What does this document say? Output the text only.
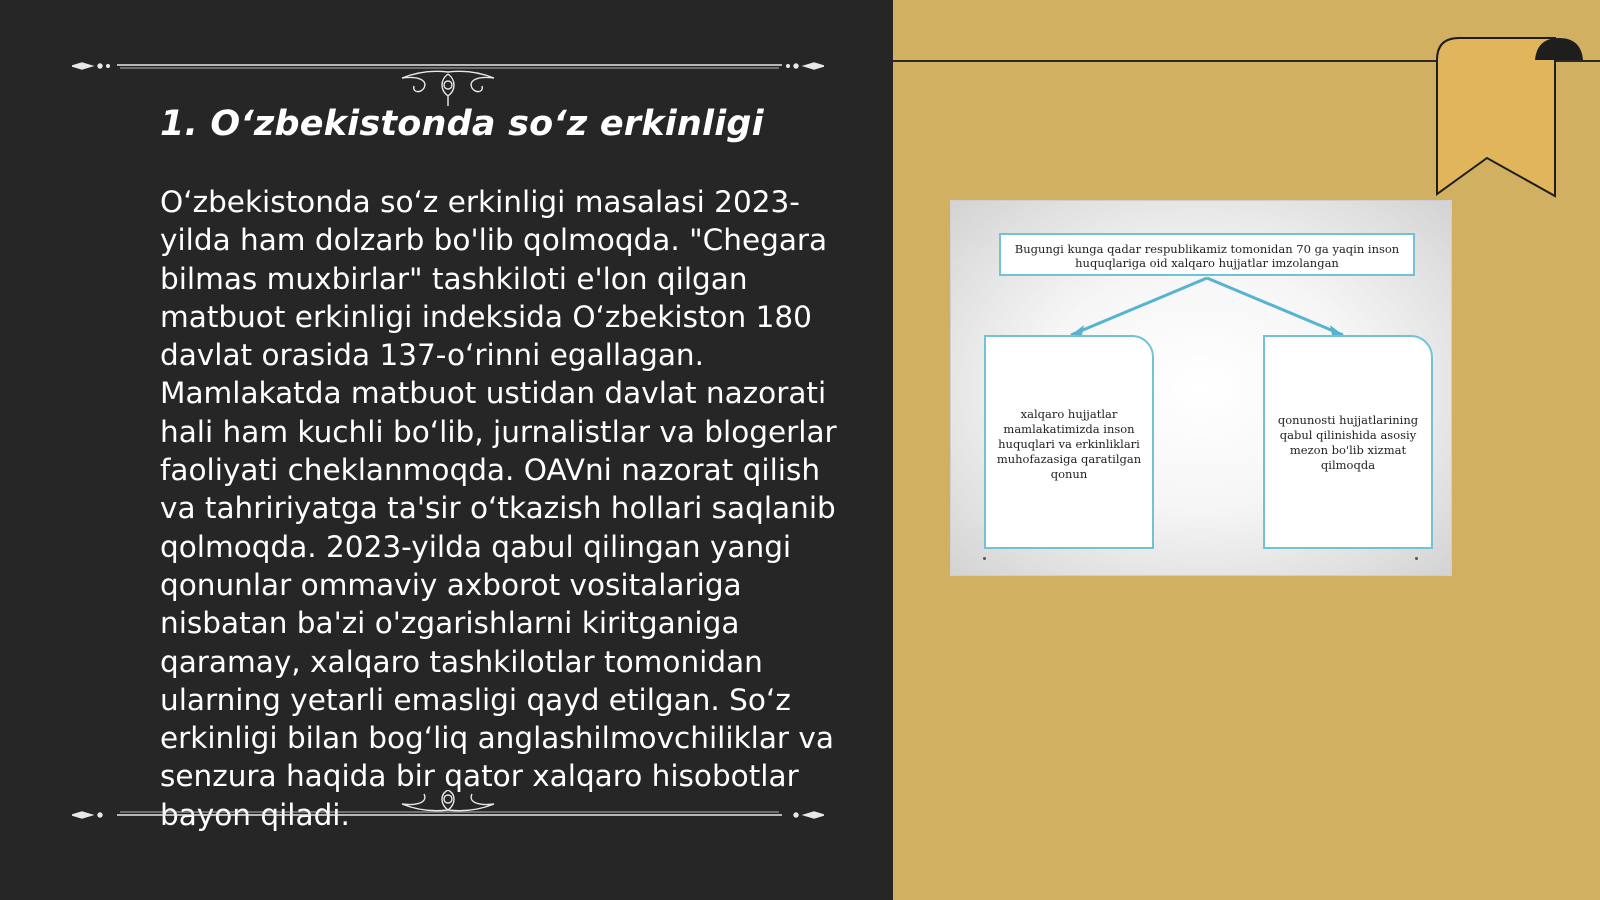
1. O‘zbekistonda so‘z erkinligi

O‘zbekistonda so‘z erkinligi masalasi 2023-yilda ham dolzarb bo'lib qolmoqda. "Chegara bilmas muxbirlar" tashkiloti e'lon qilgan matbuot erkinligi indeksida O‘zbekiston 180 davlat orasida 137-o‘rinni egallagan. Mamlakatda matbuot ustidan davlat nazorati hali ham kuchli bo‘lib, jurnalistlar va blogerlar faoliyati cheklanmoqda. OAVni nazorat qilish va tahririyatga ta'sir o‘tkazish hollari saqlanib qolmoqda. 2023-yilda qabul qilingan yangi qonunlar ommaviy axborot vositalariga nisbatan ba'zi o'zgarishlarni kiritganiga qaramay, xalqaro tashkilotlar tomonidan ularning yetarli emasligi qayd etilgan. So‘z erkinligi bilan bog‘liq anglashilmovchiliklar va senzura haqida bir qator xalqaro hisobotlar bayon qiladi.

Bugungi kunga qadar respublikamiz tomonidan 70 ga yaqin inson huquqlariga oid xalqaro hujjatlar imzolangan
xalqaro hujjatlar mamlakatimizda inson huquqlari va erkinliklari muhofazasiga qaratilgan qonun
qonunosti hujjatlarining qabul qilinishida asosiy mezon bo'lib xizmat qilmoqda
